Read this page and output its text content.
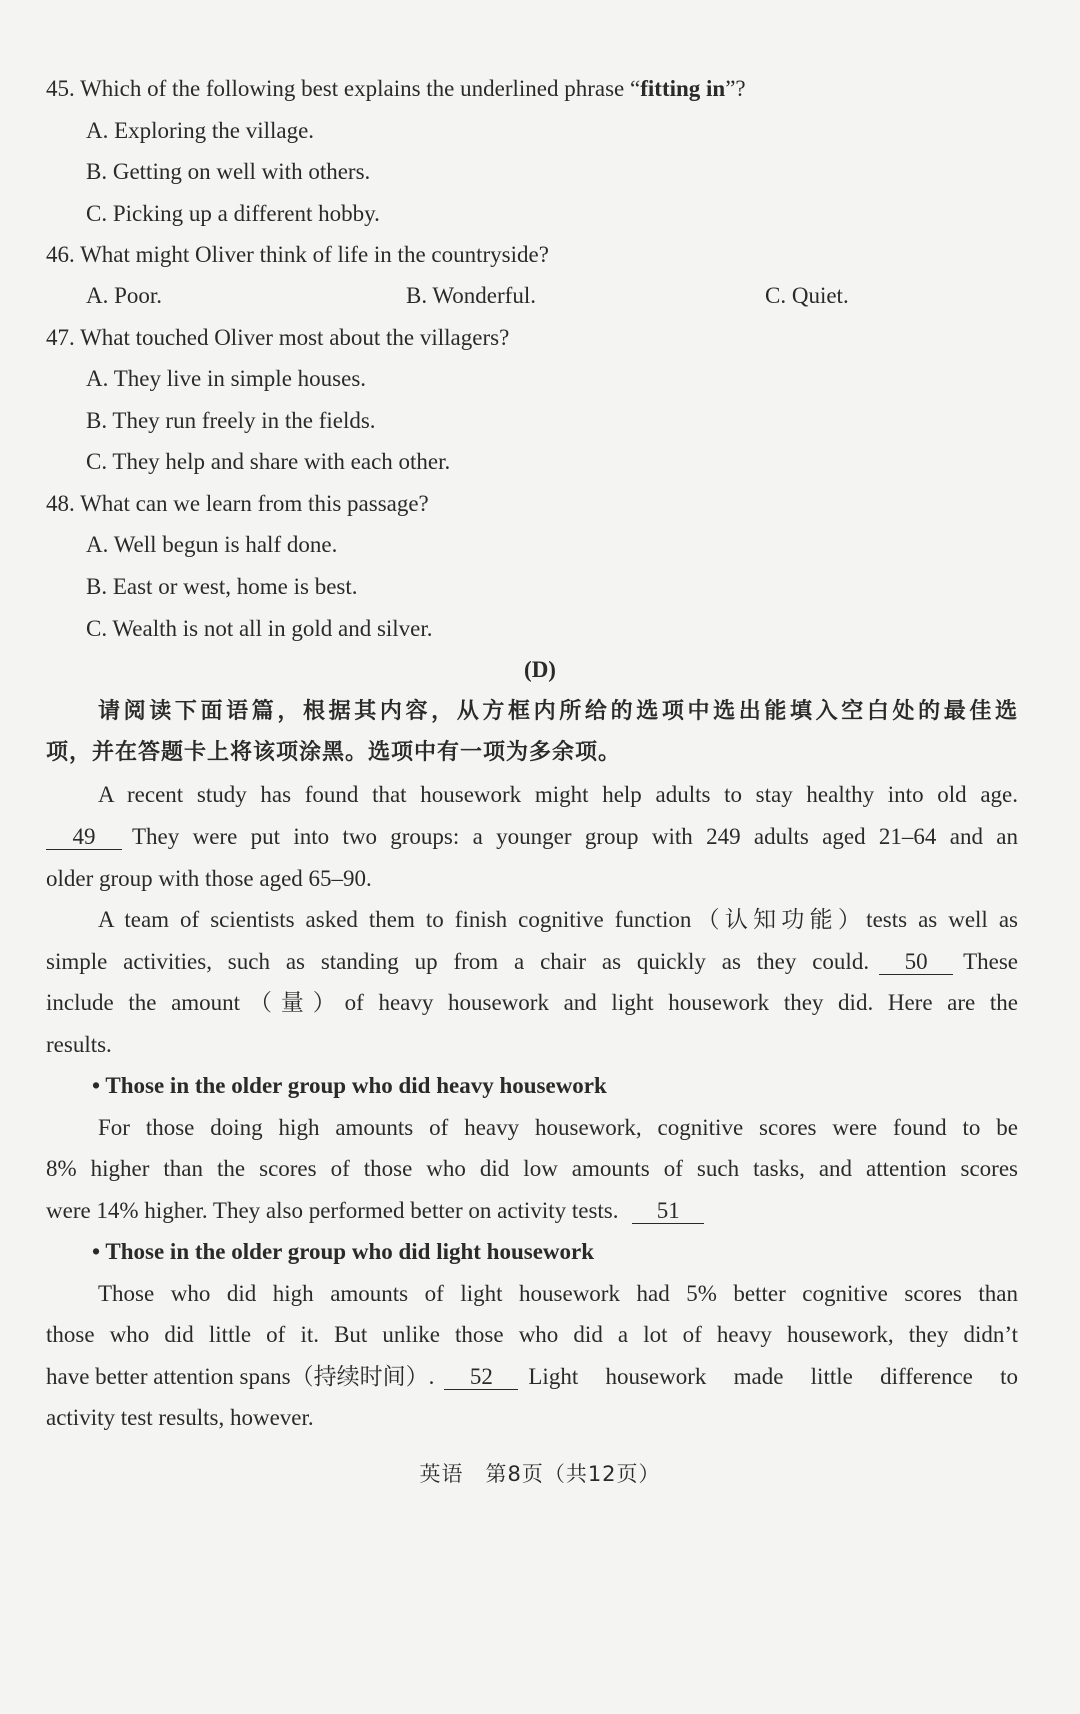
45. Which of the following best explains the underlined phrase “fitting in”?
A. Exploring the village.
B. Getting on well with others.
C. Picking up a different hobby.
46. What might Oliver think of life in the countryside?
A. Poor.	B. Wonderful.	C. Quiet.
47. What touched Oliver most about the villagers?
A. They live in simple houses.
B. They run freely in the fields.
C. They help and share with each other.
48. What can we learn from this passage?
A. Well begun is half done.
B. East or west, home is best.
C. Wealth is not all in gold and silver.
(D)
请阅读下面语篇，根据其内容，从方框内所给的选项中选出能填入空白处的最佳选
项，并在答题卡上将该项涂黑。选项中有一项为多余项。
A recent study has found that housework might help adults to stay healthy into old age.
49	They were put into two groups: a younger group with 249 adults aged 21–64 and an
older group with those aged 65–90.
A team of scientists asked them to finish cognitive function（认知功能）tests as well as
simple activities, such as standing up from a chair as quickly as they could.	50	These
include the amount（量）of heavy housework and light housework they did. Here are the
results.
• Those in the older group who did heavy housework
For those doing high amounts of heavy housework, cognitive scores were found to be
8% higher than the scores of those who did low amounts of such tasks, and attention scores
were 14% higher. They also performed better on activity tests. 51
• Those in the older group who did light housework
Those who did high amounts of light housework had 5% better cognitive scores than
those who did little of it. But unlike those who did a lot of heavy housework, they didn’t
have better attention spans（持续时间）.	52	Light housework made little difference to
activity test results, however.
英语　第8页（共12页）
